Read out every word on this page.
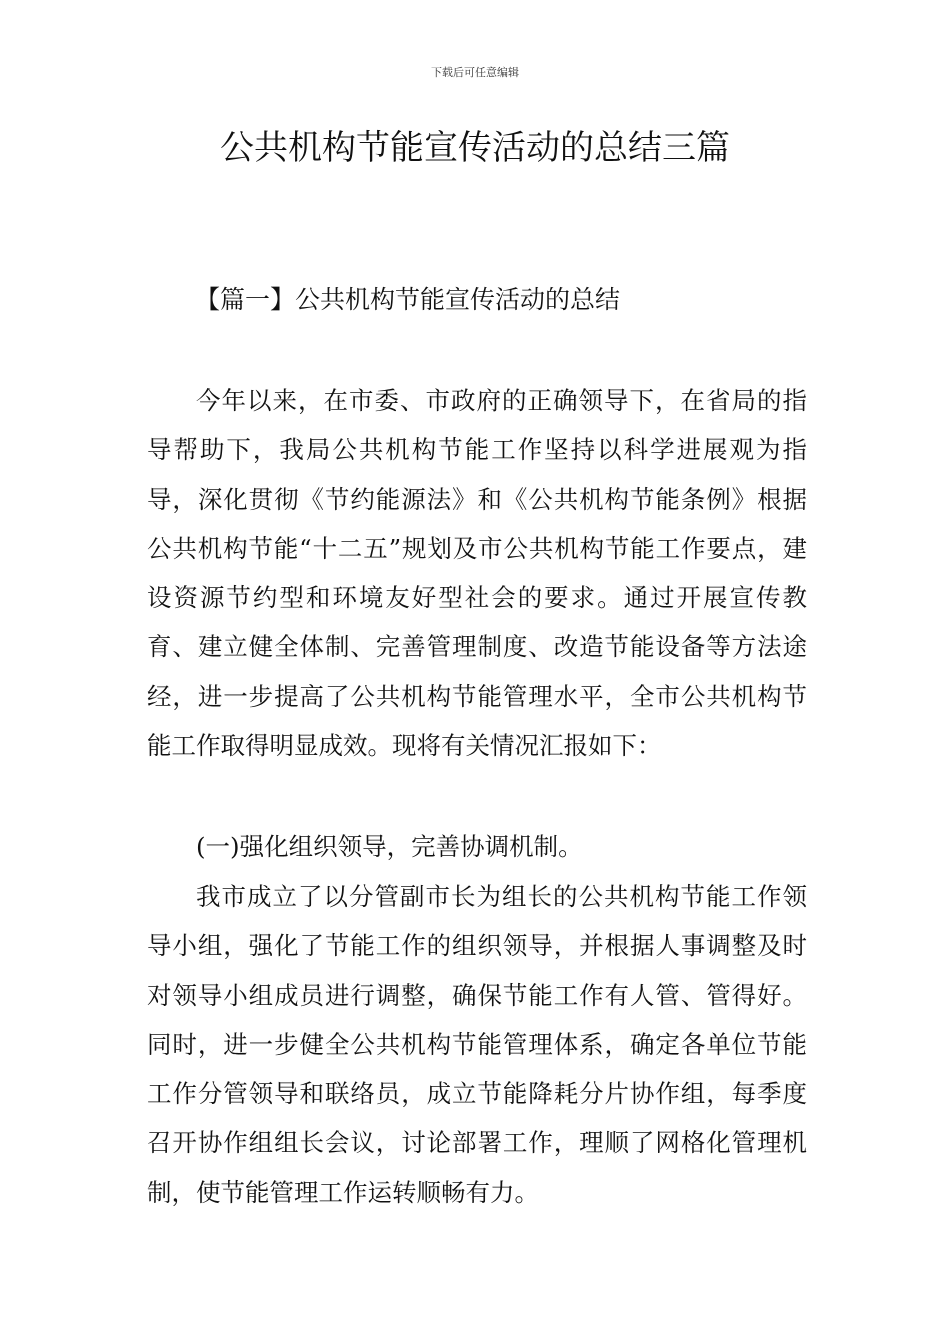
下载后可任意编辑
公共机构节能宣传活动的总结三篇
【篇一】公共机构节能宣传活动的总结

今年以来，在市委、市政府的正确领导下，在省局的指导帮助下，我局公共机构节能工作坚持以科学进展观为指导，深化贯彻《节约能源法》和《公共机构节能条例》根据公共机构节能“十二五”规划及市公共机构节能工作要点，建设资源节约型和环境友好型社会的要求。通过开展宣传教育、建立健全体制、完善管理制度、改造节能设备等方法途经，进一步提高了公共机构节能管理水平，全市公共机构节能工作取得明显成效。现将有关情况汇报如下：

(一)强化组织领导，完善协调机制。

我市成立了以分管副市长为组长的公共机构节能工作领导小组，强化了节能工作的组织领导，并根据人事调整及时对领导小组成员进行调整，确保节能工作有人管、管得好。同时，进一步健全公共机构节能管理体系，确定各单位节能工作分管领导和联络员，成立节能降耗分片协作组，每季度召开协作组组长会议，讨论部署工作，理顺了网格化管理机制，使节能管理工作运转顺畅有力。
